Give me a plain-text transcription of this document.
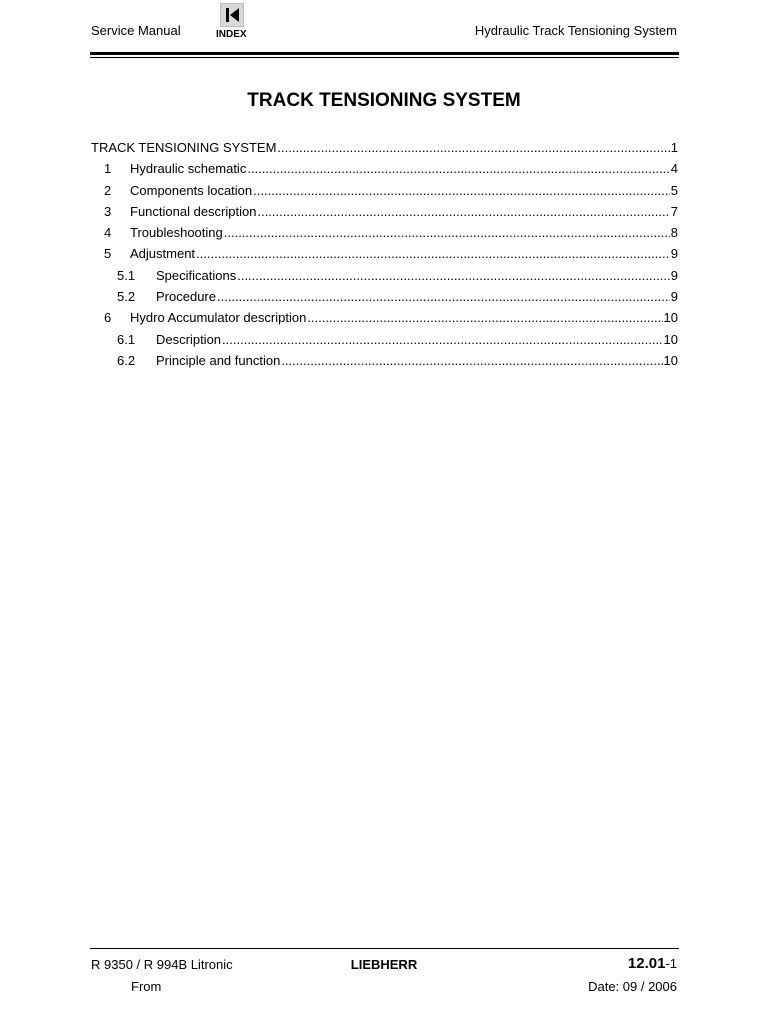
Service Manual	INDEX	Hydraulic Track Tensioning System
TRACK TENSIONING SYSTEM
TRACK TENSIONING SYSTEM .....	1
1	Hydraulic schematic .....	4
2	Components location .....	5
3	Functional description .....	7
4	Troubleshooting .....	8
5	Adjustment .....	9
5.1	Specifications .....	9
5.2	Procedure .....	9
6	Hydro Accumulator description .....	10
6.1	Description .....	10
6.2	Principle and function .....	10
R 9350 / R 994B Litronic	LIEBHERR	12.01-1
From	Date: 09 / 2006
